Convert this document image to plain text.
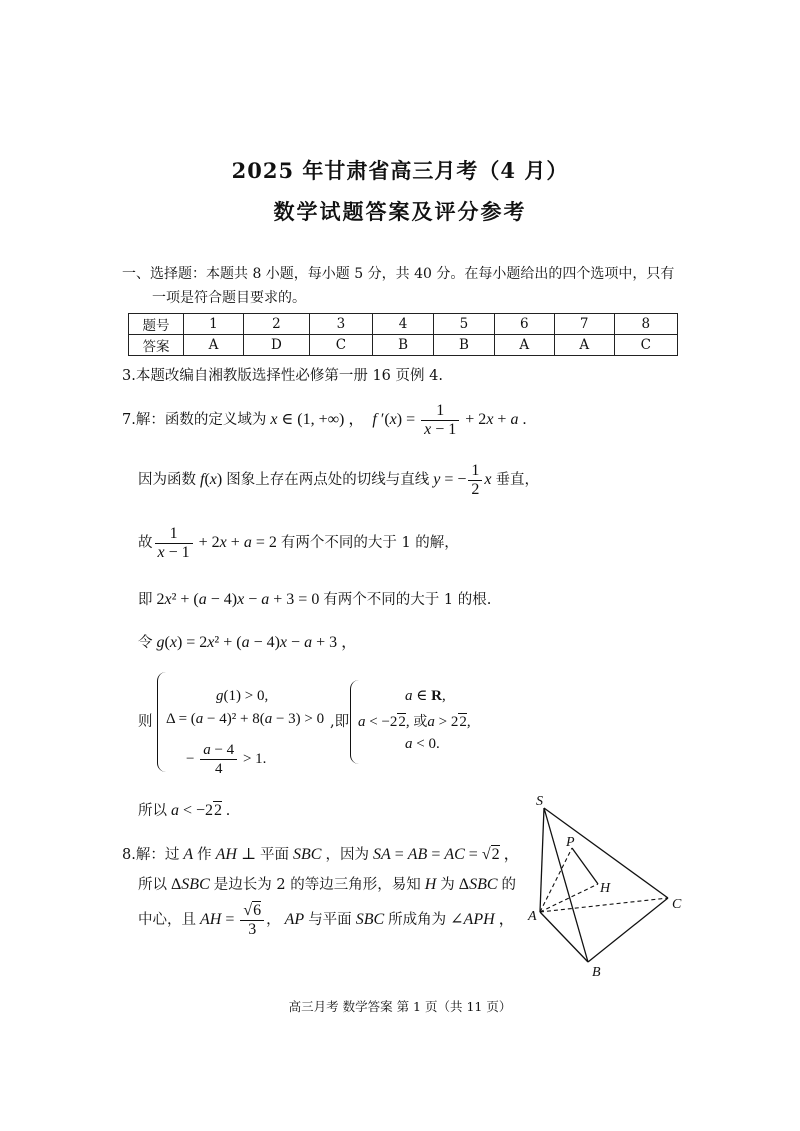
2025 年甘肃省高三月考（4 月）
数学试题答案及评分参考
一、选择题：本题共 8 小题，每小题 5 分，共 40 分。在每小题给出的四个选项中，只有
一项是符合题目要求的。
题号	1	2	3	4	5	6	7	8
答案	A	D	C	B	B	A	A	C
3.本题改编自湘教版选择性必修第一册 16 页例 4.
7.解：函数的定义域为 x ∈ (1, +∞) ，  f $'(x) = \frac{1}{x - 1} + 2x + a$ .
因为函数 f(x) 图象上存在两点处的切线与直线 y = − $\frac{1}{2}$ x 垂直，
故 $\frac{1}{x - 1} + 2x + a = 2$ 有两个不同的大于 1 的解，
即 2x² + (a − 4)x − a + 3 = 0 有两个不同的大于 1 的根.
令 g(x) = 2x² + (a − 4)x − a + 3 ，
则
g(1) > 0,
Δ = (a − 4)² + 8(a − 3) > 0
− $\frac{a - 4}{4} > 1$.
,即
a ∈ R,
a < −22, 或a > 22,
a < 0.
所以 a < −22 .
8.解：过 A 作 AH ⊥ 平面 SBC ，因为 SA = AB = AC = √2 ，
所以 ΔSBC 是边长为 2 的等边三角形，易知 H 为 ΔSBC 的
中心，且 AH = $\frac{√6}{3}$ ， AP 与平面 SBC 所成角为 ∠APH ，
S
P
H
A
C
B
高三月考 数学答案 第 1 页（共 11 页）
